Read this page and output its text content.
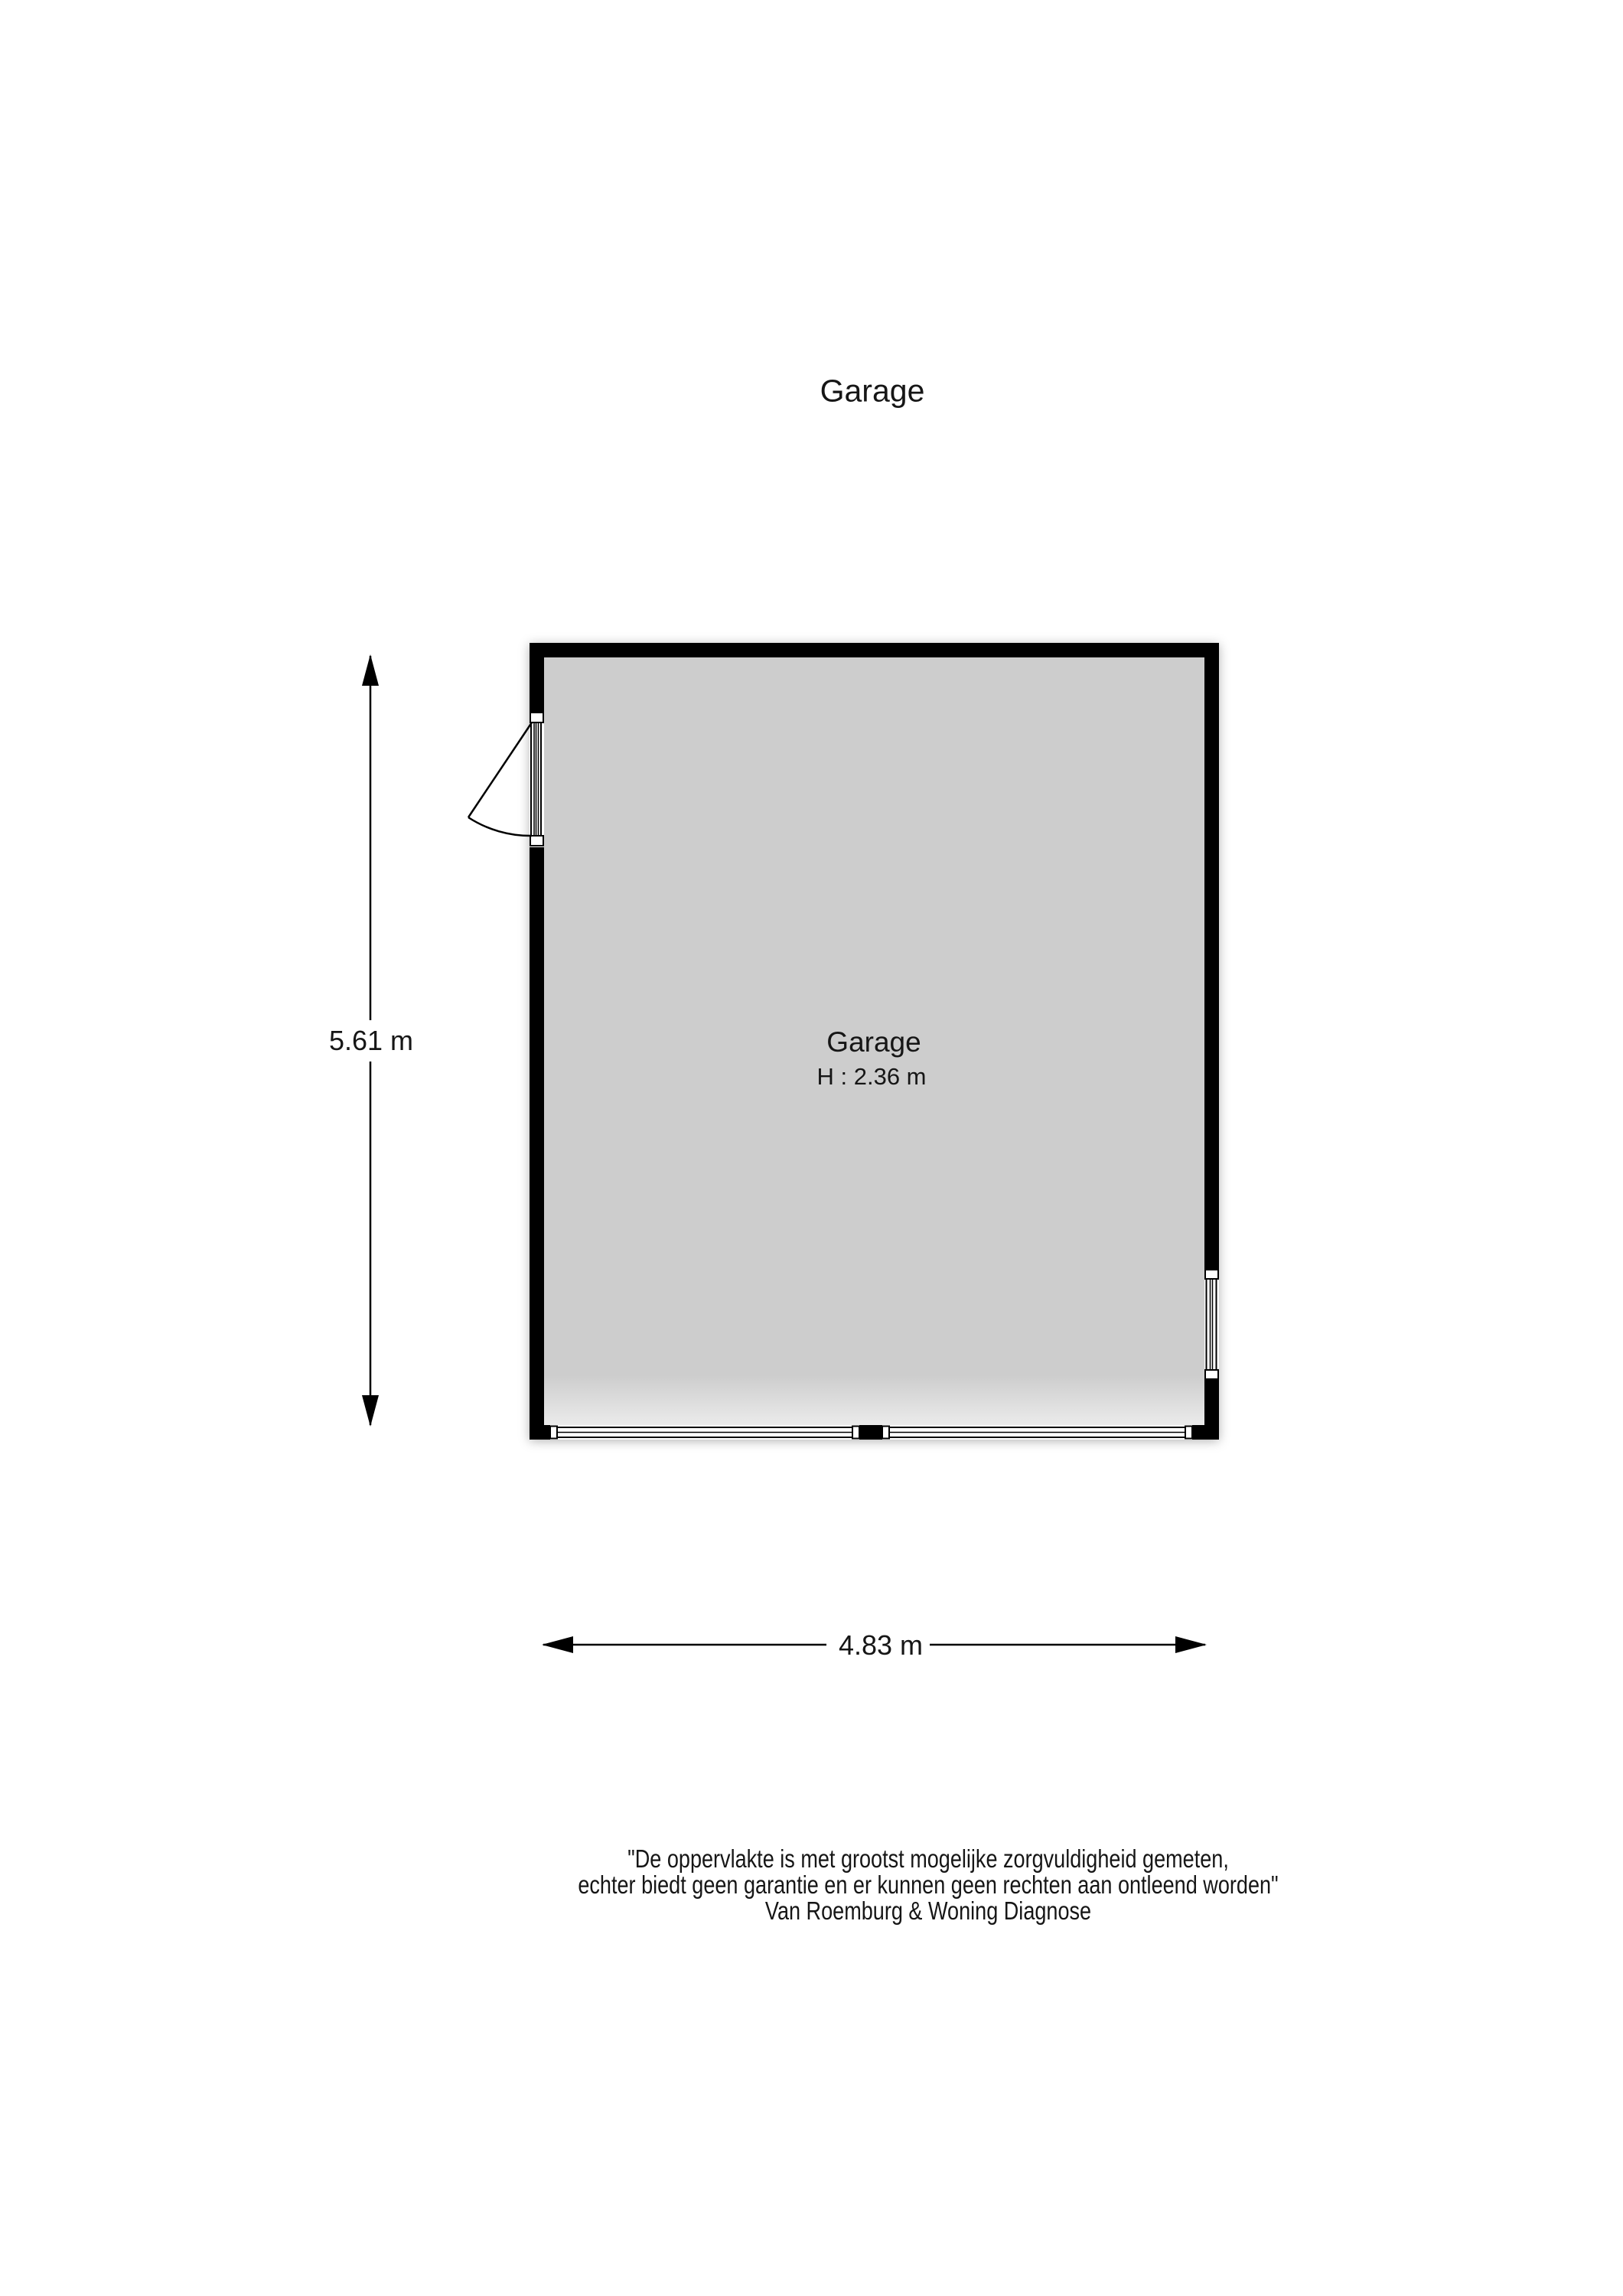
Garage
Garage
H : 2.36 m
5.61 m
4.83 m
"De oppervlakte is met grootst mogelijke zorgvuldigheid gemeten,
echter biedt geen garantie en er kunnen geen rechten aan ontleend worden"
Van Roemburg & Woning Diagnose
